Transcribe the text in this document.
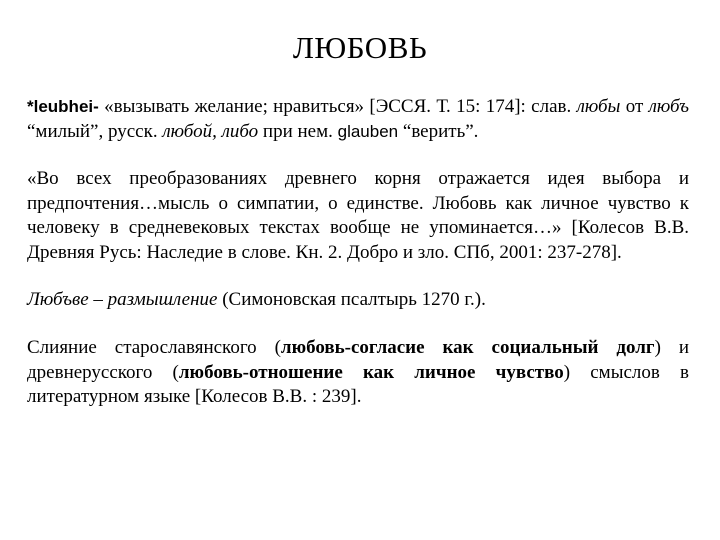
ЛЮБОВЬ
*leubhei- «вызывать желание; нравиться» [ЭССЯ. Т. 15: 174]: слав. любы от любъ “милый”, русск. любой, либо при нем. glauben “верить”.
«Во всех преобразованиях древнего корня отражается идея выбора и предпочтения…мысль о симпатии, о единстве. Любовь как личное чувство к человеку в средневековых текстах вообще не упоминается…» [Колесов В.В. Древняя Русь: Наследие в слове. Кн. 2. Добро и зло. СПб, 2001: 237-278].
Любъве – размышление (Симоновская псалтырь 1270 г.).
Слияние старославянского (любовь-согласие как социальный долг) и древнерусского (любовь-отношение как личное чувство) смыслов в литературном языке [Колесов В.В. : 239].
